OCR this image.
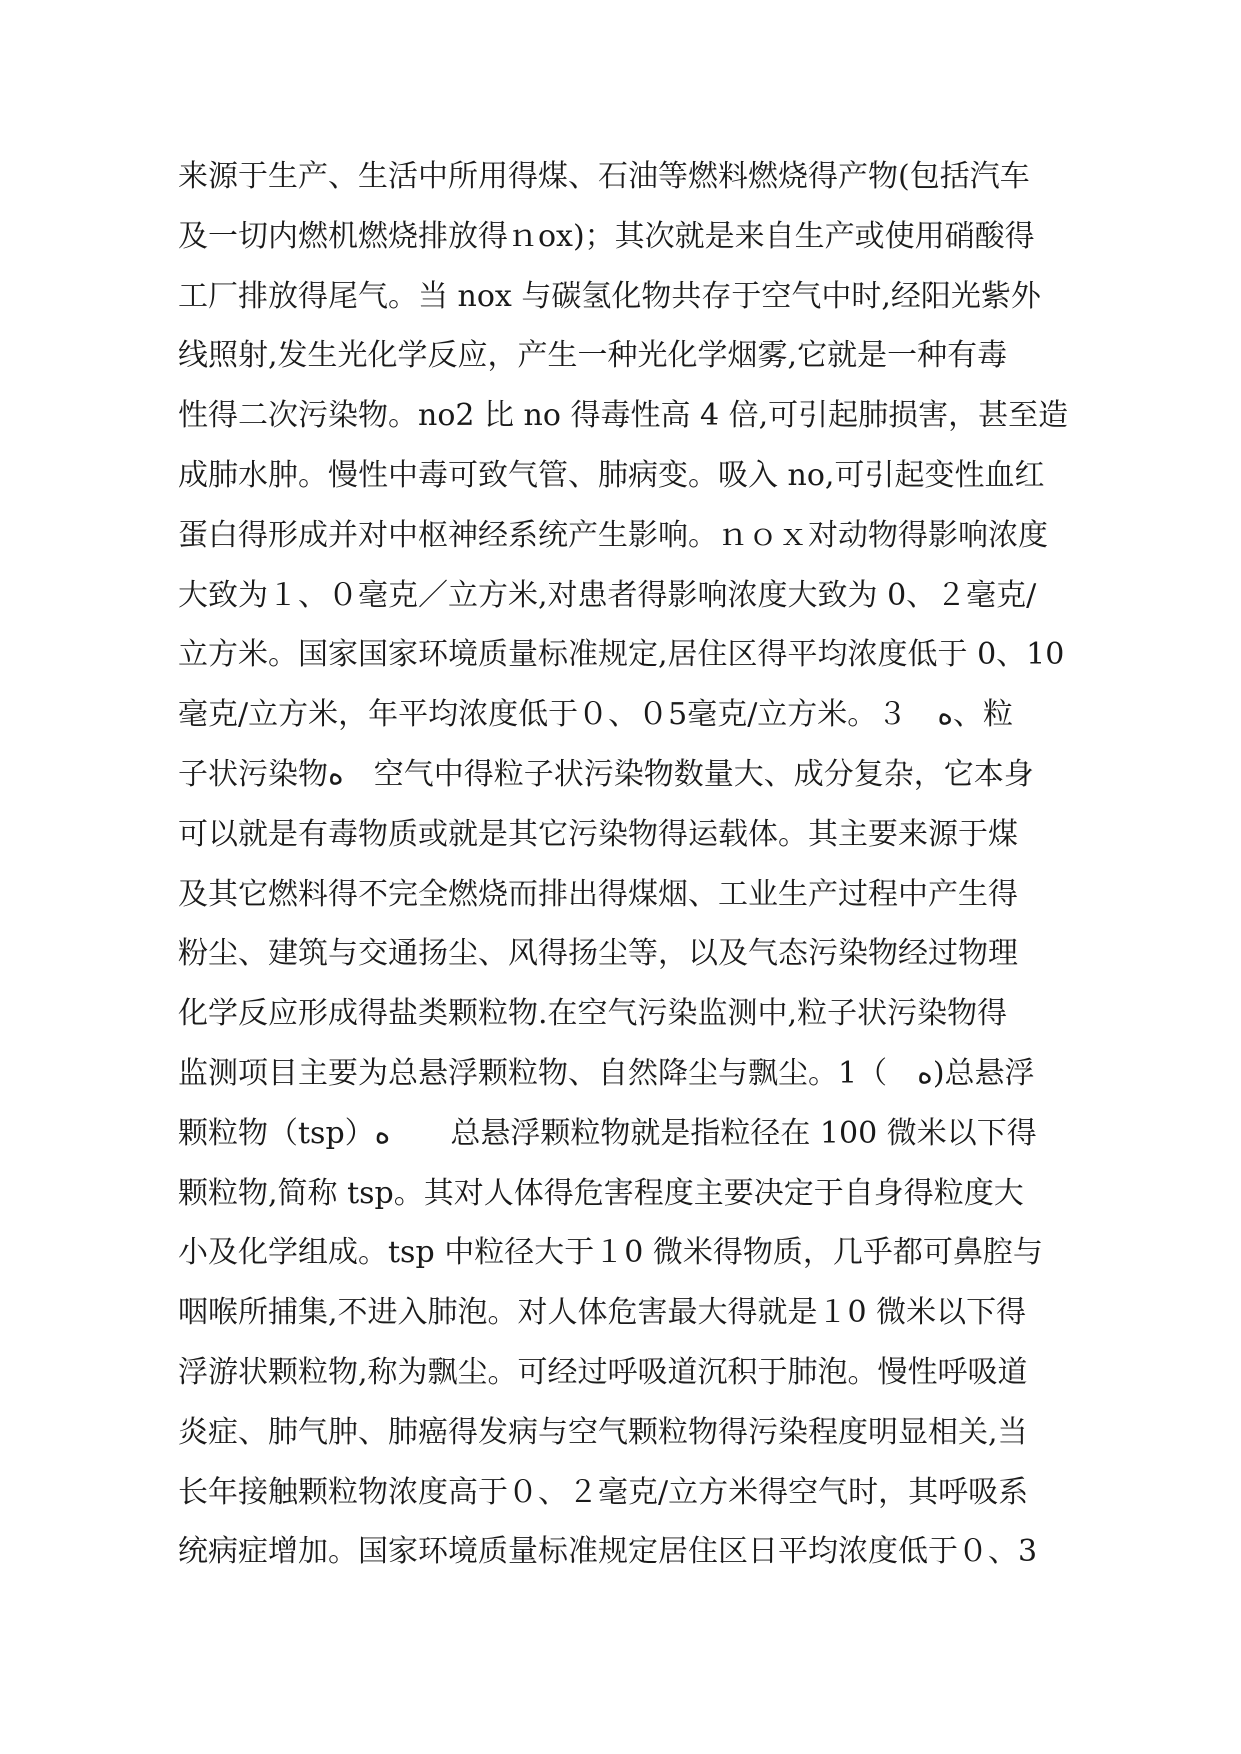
来源于生产、生活中所用得煤、石油等燃料燃烧得产物(包括汽车
及一切内燃机燃烧排放得ｎox)；其次就是来自生产或使用硝酸得
工厂排放得尾气。当 nox 与碳氢化物共存于空气中时,经阳光紫外
线照射,发生光化学反应，产生一种光化学烟雾,它就是一种有毒
性得二次污染物。no2 比 no 得毒性高 4 倍,可引起肺损害，甚至造
成肺水肿。慢性中毒可致气管、肺病变。吸入 no,可引起变性血红
蛋白得形成并对中枢神经系统产生影响。ｎｏｘ对动物得影响浓度
大致为１、０毫克／立方米,对患者得影响浓度大致为 0、２毫克/
立方米。国家国家环境质量标准规定,居住区得平均浓度低于 0、10
毫克/立方米，年平均浓度低于０、０5毫克/立方米。３　ﻩ、粒
子状污染物ﻩ　空气中得粒子状污染物数量大、成分复杂，它本身
可以就是有毒物质或就是其它污染物得运载体。其主要来源于煤
及其它燃料得不完全燃烧而排出得煤烟、工业生产过程中产生得
粉尘、建筑与交通扬尘、风得扬尘等，以及气态污染物经过物理
化学反应形成得盐类颗粒物.在空气污染监测中,粒子状污染物得
监测项目主要为总悬浮颗粒物、自然降尘与飘尘。1（　ﻩ)总悬浮
颗粒物（tsp）ﻩ　　总悬浮颗粒物就是指粒径在 100 微米以下得
颗粒物,简称 tsp。其对人体得危害程度主要决定于自身得粒度大
小及化学组成。tsp 中粒径大于１0 微米得物质，几乎都可鼻腔与
咽喉所捕集,不进入肺泡。对人体危害最大得就是１0 微米以下得
浮游状颗粒物,称为飘尘。可经过呼吸道沉积于肺泡。慢性呼吸道
炎症、肺气肿、肺癌得发病与空气颗粒物得污染程度明显相关,当
长年接触颗粒物浓度高于０、２毫克/立方米得空气时，其呼吸系
统病症增加。国家环境质量标准规定居住区日平均浓度低于０、3
